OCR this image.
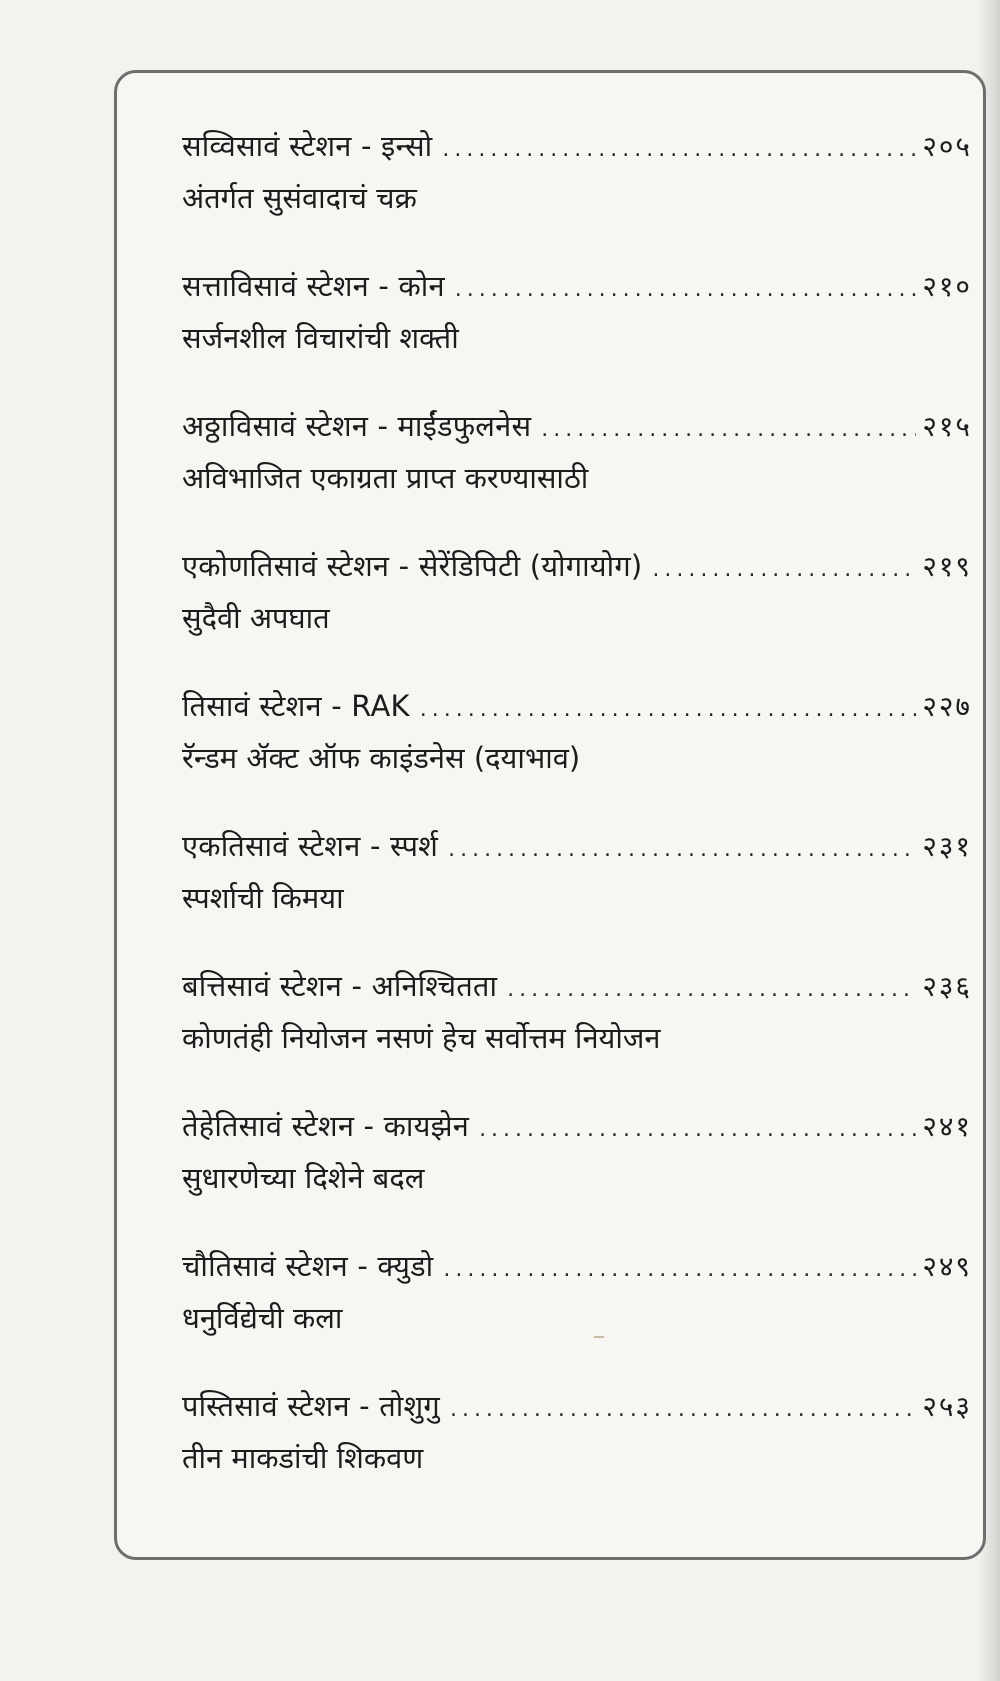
सव्विसावं स्टेशन - इन्सो .....	२०५
अंतर्गत सुसंवादाचं चक्र
सत्ताविसावं स्टेशन - कोन .....	२१०
सर्जनशील विचारांची शक्ती
अठ्ठाविसावं स्टेशन - माईंडफुलनेस .....	२१५
अविभाजित एकाग्रता प्राप्त करण्यासाठी
एकोणतिसावं स्टेशन - सेरेंडिपिटी (योगायोग) .....	२१९
सुदैवी अपघात
तिसावं स्टेशन - RAK .....	२२७
रॅन्डम ॲक्ट ऑफ काइंडनेस (दयाभाव)
एकतिसावं स्टेशन - स्पर्श .....	२३१
स्पर्शाची किमया
बत्तिसावं स्टेशन - अनिश्चितता .....	२३६
कोणतंही नियोजन नसणं हेच सर्वोत्तम नियोजन
तेहेतिसावं स्टेशन - कायझेन .....	२४१
सुधारणेच्या दिशेने बदल
चौतिसावं स्टेशन - क्युडो .....	२४९
धनुर्विद्येची कला
पस्तिसावं स्टेशन - तोशुगु .....	२५३
तीन माकडांची शिकवण
